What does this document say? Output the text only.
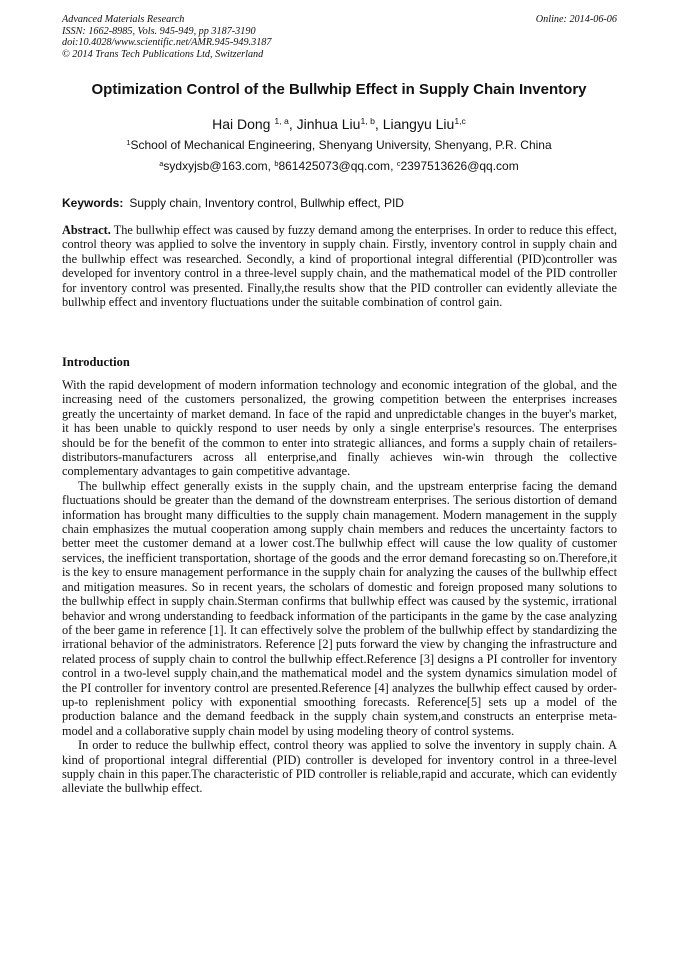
Advanced Materials Research
ISSN: 1662-8985, Vols. 945-949, pp 3187-3190
doi:10.4028/www.scientific.net/AMR.945-949.3187
© 2014 Trans Tech Publications Ltd, Switzerland
Online: 2014-06-06
Optimization Control of the Bullwhip Effect in Supply Chain Inventory
Hai Dong $^{1, a}$, Jinhua Liu$^{1, b}$, Liangyu Liu$^{1,c}$
$^1$School of Mechanical Engineering, Shenyang University, Shenyang, P.R. China
$^a$sydxyjsb@163.com, $^b$861425073@qq.com, $^c$2397513626@qq.com
Keywords: Supply chain, Inventory control, Bullwhip effect, PID
Abstract. The bullwhip effect was caused by fuzzy demand among the enterprises. In order to reduce this effect, control theory was applied to solve the inventory in supply chain. Firstly, inventory control in supply chain and the bullwhip effect was researched. Secondly, a kind of proportional integral differential (PID)controller was developed for inventory control in a three-level supply chain, and the mathematical model of the PID controller for inventory control was presented. Finally,the results show that the PID controller can evidently alleviate the bullwhip effect and inventory fluctuations under the suitable combination of control gain.
Introduction

With the rapid development of modern information technology and economic integration of the global, and the increasing need of the customers personalized, the growing competition between the enterprises increases greatly the uncertainty of market demand. In face of the rapid and unpredictable changes in the buyer's market, it has been unable to quickly respond to user needs by only a single enterprise's resources. The enterprises should be for the benefit of the common to enter into strategic alliances, and forms a supply chain of retailers-distributors-manufacturers across all enterprise,and finally achieves win-win through the collective complementary advantages to gain competitive advantage.

The bullwhip effect generally exists in the supply chain, and the upstream enterprise facing the demand fluctuations should be greater than the demand of the downstream enterprises. The serious distortion of demand information has brought many difficulties to the supply chain management. Modern management in the supply chain emphasizes the mutual cooperation among supply chain members and reduces the uncertainty factors to better meet the customer demand at a lower cost.The bullwhip effect will cause the low quality of customer services, the inefficient transportation, shortage of the goods and the error demand forecasting so on.Therefore,it is the key to ensure management performance in the supply chain for analyzing the causes of the bullwhip effect and mitigation measures. So in recent years, the scholars of domestic and foreign proposed many solutions to the bullwhip effect in supply chain.Sterman confirms that bullwhip effect was caused by the systemic, irrational behavior and wrong understanding to feedback information of the participants in the game by the case analyzing of the beer game in reference [1]. It can effectively solve the problem of the bullwhip effect by standardizing the irrational behavior of the administrators. Reference [2] puts forward the view by changing the infrastructure and related process of supply chain to control the bullwhip effect.Reference [3] designs a PI controller for inventory control in a two-level supply chain,and the mathematical model and the system dynamics simulation model of the PI controller for inventory control are presented.Reference [4] analyzes the bullwhip effect caused by order-up-to replenishment policy with exponential smoothing forecasts. Reference[5] sets up a model of the production balance and the demand feedback in the supply chain system,and constructs an enterprise meta-model and a collaborative supply chain model by using modeling theory of control systems.

In order to reduce the bullwhip effect, control theory was applied to solve the inventory in supply chain. A kind of proportional integral differential (PID) controller is developed for inventory control in a three-level supply chain in this paper.The characteristic of PID controller is reliable,rapid and accurate, which can evidently alleviate the bullwhip effect.
